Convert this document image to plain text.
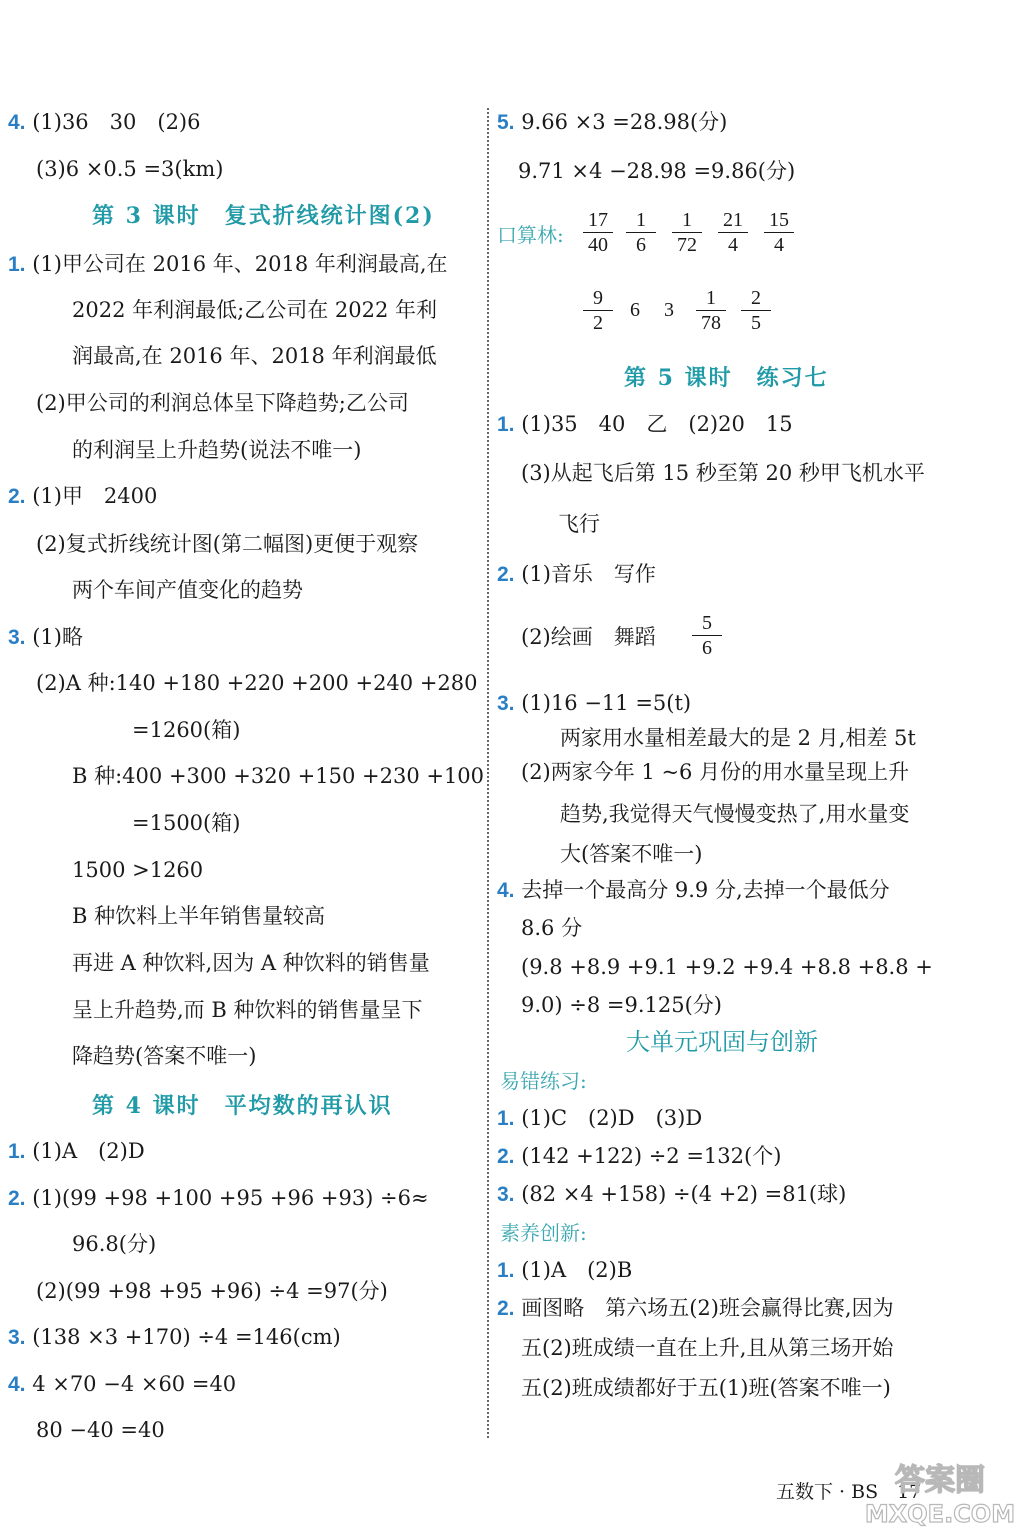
4. (1)36　30　(2)6
(3)6 ×0.5 =3(km)
第 3 课时　复式折线统计图(2)
1. (1)甲公司在 2016 年、2018 年利润最高,在
2022 年利润最低;乙公司在 2022 年利
润最高,在 2016 年、2018 年利润最低
(2)甲公司的利润总体呈下降趋势;乙公司
的利润呈上升趋势(说法不唯一)
2. (1)甲　2400
(2)复式折线统计图(第二幅图)更便于观察
两个车间产值变化的趋势
3. (1)略
(2)A 种:140 +180 +220 +200 +240 +280
=1260(箱)
B 种:400 +300 +320 +150 +230 +100
=1500(箱)
1500 >1260
B 种饮料上半年销售量较高
再进 A 种饮料,因为 A 种饮料的销售量
呈上升趋势,而 B 种饮料的销售量呈下
降趋势(答案不唯一)
第 4 课时　平均数的再认识
1. (1)A　(2)D
2. (1)(99 +98 +100 +95 +96 +93) ÷6≈
96.8(分)
(2)(99 +98 +95 +96) ÷4 =97(分)
3. (138 ×3 +170) ÷4 =146(cm)
4. 4 ×70 −4 ×60 =40
80 −40 =40
5. 9.66 ×3 =28.98(分)
9.71 ×4 −28.98 =9.86(分)
口算林:
17
40
1
6
1
72
21
4
15
4
9
2
6 3
1
78
2
5
第 5 课时　练习七
1. (1)35　40　乙　(2)20　15
(3)从起飞后第 15 秒至第 20 秒甲飞机水平
飞行
2. (1)音乐　写作
(2)绘画　舞蹈
5
6
3. (1)16 −11 =5(t)
两家用水量相差最大的是 2 月,相差 5t
(2)两家今年 1 ~6 月份的用水量呈现上升
趋势,我觉得天气慢慢变热了,用水量变
大(答案不唯一)
4. 去掉一个最高分 9.9 分,去掉一个最低分
8.6 分
(9.8 +8.9 +9.1 +9.2 +9.4 +8.8 +8.8 +
9.0) ÷8 =9.125(分)
大单元巩固与创新
易错练习:
1. (1)C　(2)D　(3)D
2. (142 +122) ÷2 =132(个)
3. (82 ×4 +158) ÷(4 +2) =81(球)
素养创新:
1. (1)A　(2)B
2. 画图略　第六场五(2)班会赢得比赛,因为
五(2)班成绩一直在上升,且从第三场开始
五(2)班成绩都好于五(1)班(答案不唯一)
五数下 · BS　17
答案圈
MXQE.COM
